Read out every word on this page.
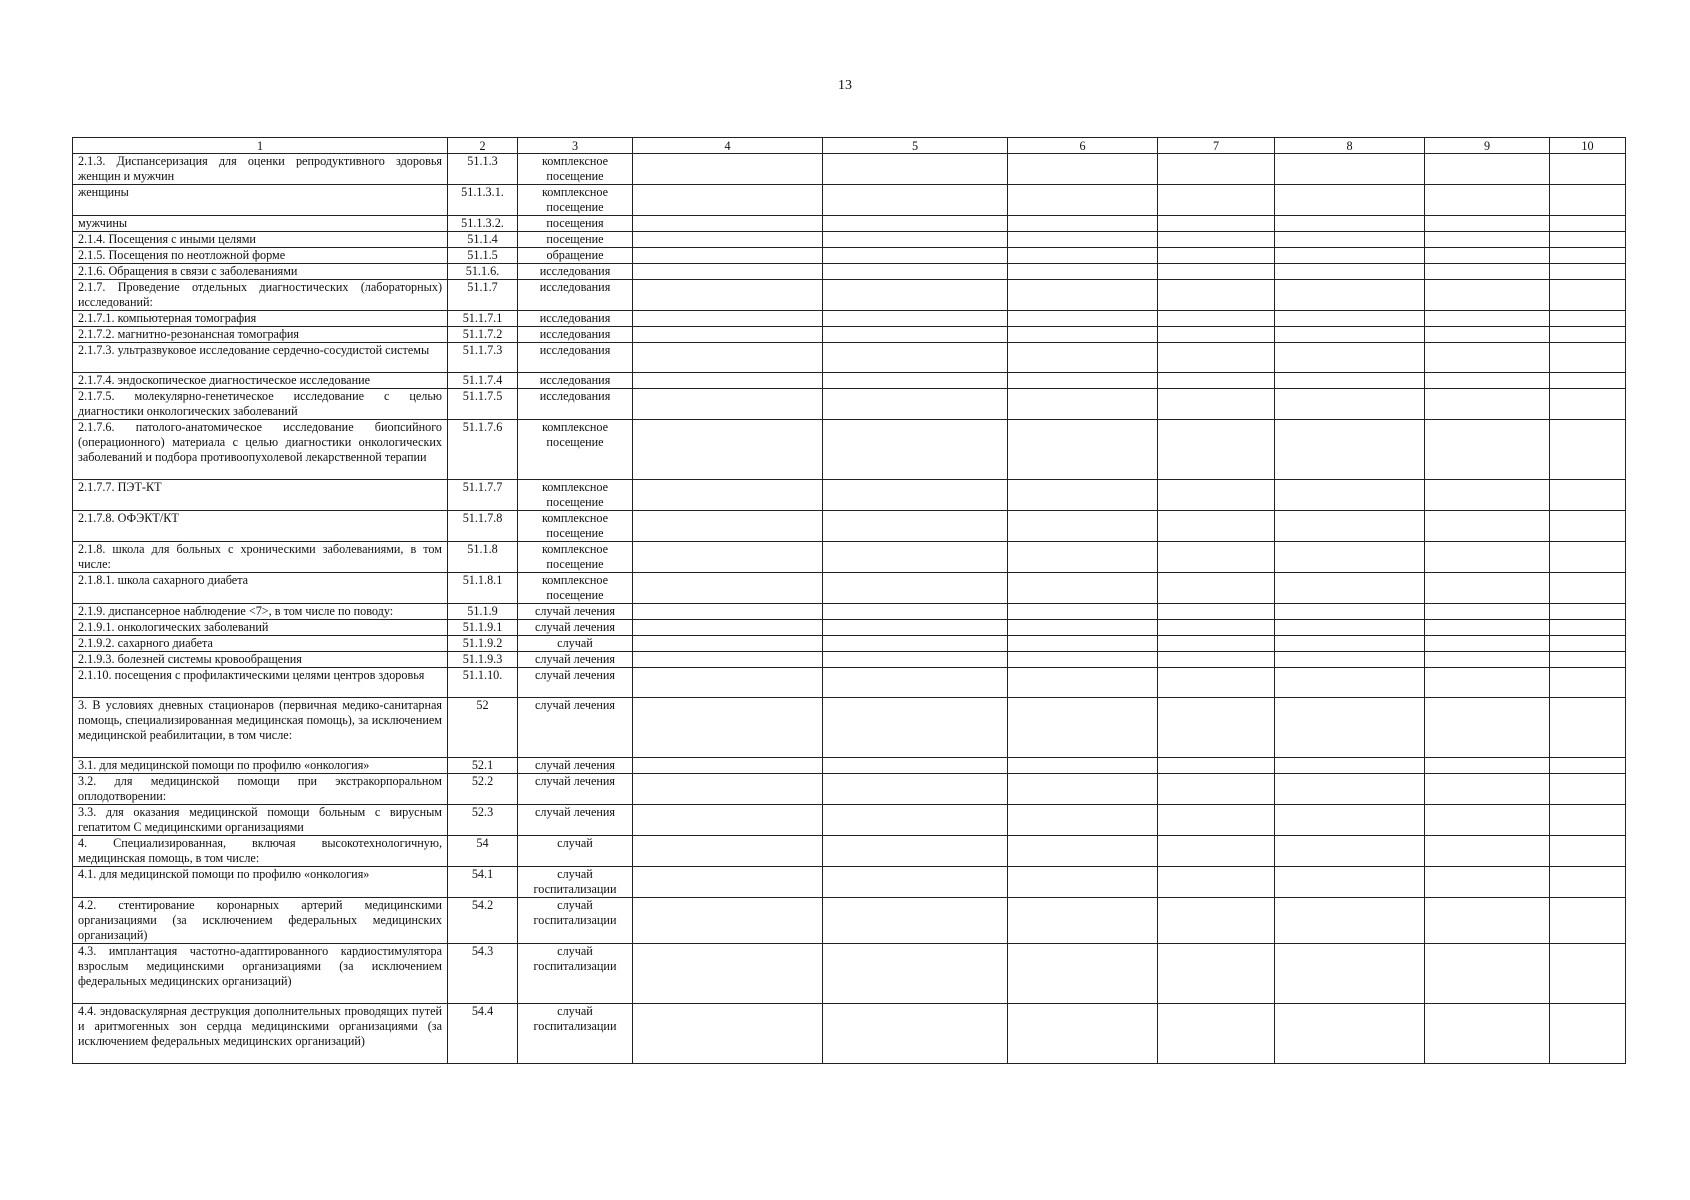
13
1	2	3	4	5	6	7	8	9	10
2.1.3. Диспансеризация для оценки репродуктивного здоровья женщин и мужчин	51.1.3	комплексное посещение							
женщины	51.1.3.1.	комплексное посещение							
мужчины	51.1.3.2.	посещения							
2.1.4. Посещения с иными целями	51.1.4	посещение							
2.1.5. Посещения по неотложной форме	51.1.5	обращение							
2.1.6. Обращения в связи с заболеваниями	51.1.6.	исследования							
2.1.7. Проведение отдельных диагностических (лабораторных) исследований:	51.1.7	исследования							
2.1.7.1. компьютерная томография	51.1.7.1	исследования							
2.1.7.2. магнитно-резонансная томография	51.1.7.2	исследования							
2.1.7.3. ультразвуковое исследование сердечно-сосудистой системы	51.1.7.3	исследования							
2.1.7.4. эндоскопическое диагностическое исследование	51.1.7.4	исследования							
2.1.7.5. молекулярно-генетическое исследование с целью диагностики онкологических заболеваний	51.1.7.5	исследования							
2.1.7.6. патолого-анатомическое исследование биопсийного (операционного) материала с целью диагностики онкологических заболеваний и подбора противоопухолевой лекарственной терапии	51.1.7.6	комплексное посещение							
2.1.7.7. ПЭТ-КТ	51.1.7.7	комплексное посещение							
2.1.7.8. ОФЭКТ/КТ	51.1.7.8	комплексное посещение							
2.1.8. школа для больных с хроническими заболеваниями, в том числе:	51.1.8	комплексное посещение							
2.1.8.1. школа сахарного диабета	51.1.8.1	комплексное посещение							
2.1.9. диспансерное наблюдение <7>, в том числе по поводу:	51.1.9	случай лечения							
2.1.9.1. онкологических заболеваний	51.1.9.1	случай лечения							
2.1.9.2. сахарного диабета	51.1.9.2	случай							
2.1.9.3. болезней системы кровообращения	51.1.9.3	случай лечения							
2.1.10. посещения с профилактическими целями центров здоровья	51.1.10.	случай лечения							
3. В условиях дневных стационаров (первичная медико-санитарная помощь, специализированная медицинская помощь), за исключением медицинской реабилитации, в том числе:	52	случай лечения							
3.1. для медицинской помощи по профилю «онкология»	52.1	случай лечения							
3.2. для медицинской помощи при экстракорпоральном оплодотворении:	52.2	случай лечения							
3.3. для оказания медицинской помощи больным с вирусным гепатитом С медицинскими организациями	52.3	случай лечения							
4. Специализированная, включая высокотехнологичную, медицинская помощь, в том числе:	54	случай							
4.1. для медицинской помощи по профилю «онкология»	54.1	случай госпитализации							
4.2. стентирование коронарных артерий медицинскими организациями (за исключением федеральных медицинских организаций)	54.2	случай госпитализации							
4.3. имплантация частотно-адаптированного кардиостимулятора взрослым медицинскими организациями (за исключением федеральных медицинских организаций)	54.3	случай госпитализации							
4.4. эндоваскулярная деструкция дополнительных проводящих путей и аритмогенных зон сердца медицинскими организациями (за исключением федеральных медицинских организаций)	54.4	случай госпитализации							
